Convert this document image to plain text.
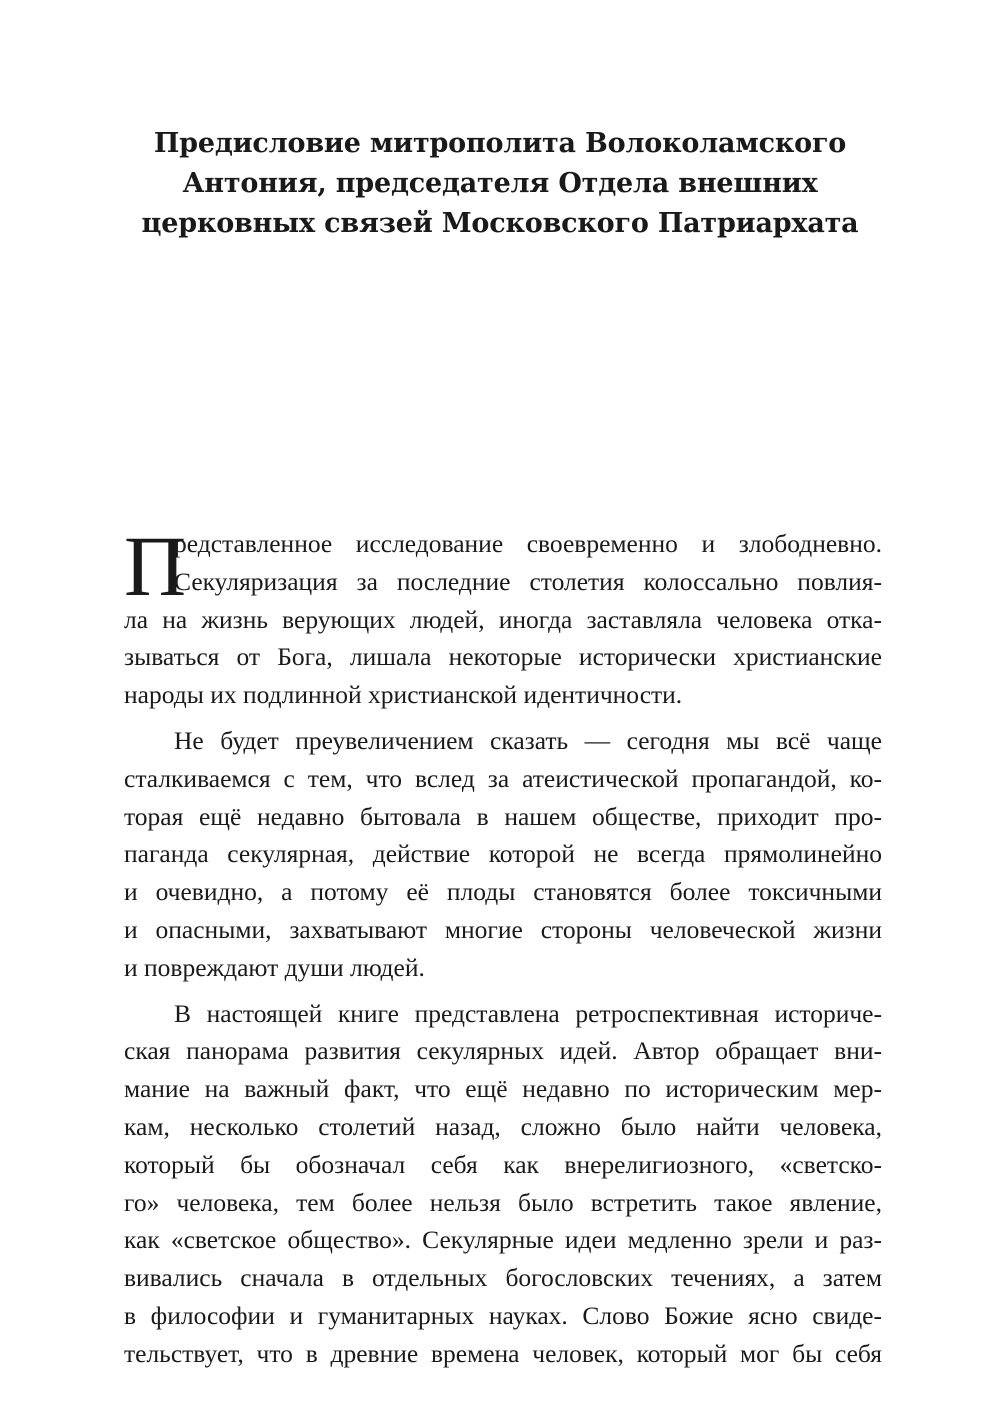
Предисловие митрополита Волоколамского
Антония, председателя Отдела внешних
церковных связей Московского Патриархата
П
редставленное исследование своевременно и злободневно.
Секуляризация за последние столетия колоссально повлия-
ла на жизнь верующих людей, иногда заставляла человека отка-
зываться от Бога, лишала некоторые исторически христианские
народы их подлинной христианской идентичности.
Не будет преувеличением сказать — сегодня мы всё чаще
сталкиваемся с тем, что вслед за атеистической пропагандой, ко-
торая ещё недавно бытовала в нашем обществе, приходит про-
паганда секулярная, действие которой не всегда прямолинейно
и очевидно, а потому её плоды становятся более токсичными
и опасными, захватывают многие стороны человеческой жизни
и повреждают души людей.
В настоящей книге представлена ретроспективная историче-
ская панорама развития секулярных идей. Автор обращает вни-
мание на важный факт, что ещё недавно по историческим мер-
кам, несколько столетий назад, сложно было найти человека,
который бы обозначал себя как внерелигиозного, «светско-
го» человека, тем более нельзя было встретить такое явление,
как «светское общество». Секулярные идеи медленно зрели и раз-
вивались сначала в отдельных богословских течениях, а затем
в философии и гуманитарных науках. Слово Божие ясно свиде-
тельствует, что в древние времена человек, который мог бы себя
